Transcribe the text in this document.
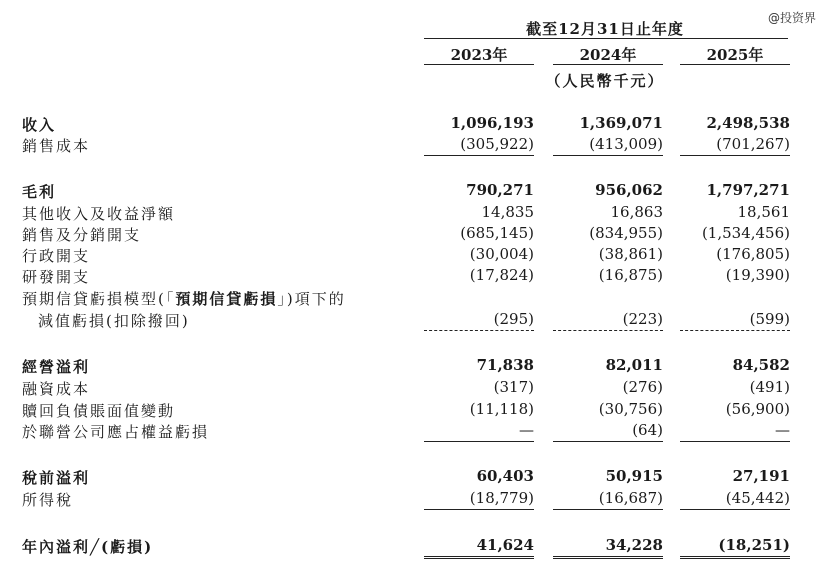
@投资界
截至12月31日止年度
2023年	2024年	2025年
（人民幣千元）
收入	1,096,193	1,369,071	2,498,538
銷售成本	(305,922)	(413,009)	(701,267)
毛利	790,271	956,062	1,797,271
其他收入及收益淨額	14,835	16,863	18,561
銷售及分銷開支	(685,145)	(834,955)	(1,534,456)
行政開支	(30,004)	(38,861)	(176,805)
研發開支	(17,824)	(16,875)	(19,390)
預期信貸虧損模型(「預期信貸虧損」)項下的
減值虧損(扣除撥回)	(295)	(223)	(599)
經營溢利	71,838	82,011	84,582
融資成本	(317)	(276)	(491)
贖回負債賬面值變動	(11,118)	(30,756)	(56,900)
於聯營公司應占權益虧損	—	(64)	—
稅前溢利	60,403	50,915	27,191
所得稅	(18,779)	(16,687)	(45,442)
年內溢利╱(虧損)	41,624	34,228	(18,251)
